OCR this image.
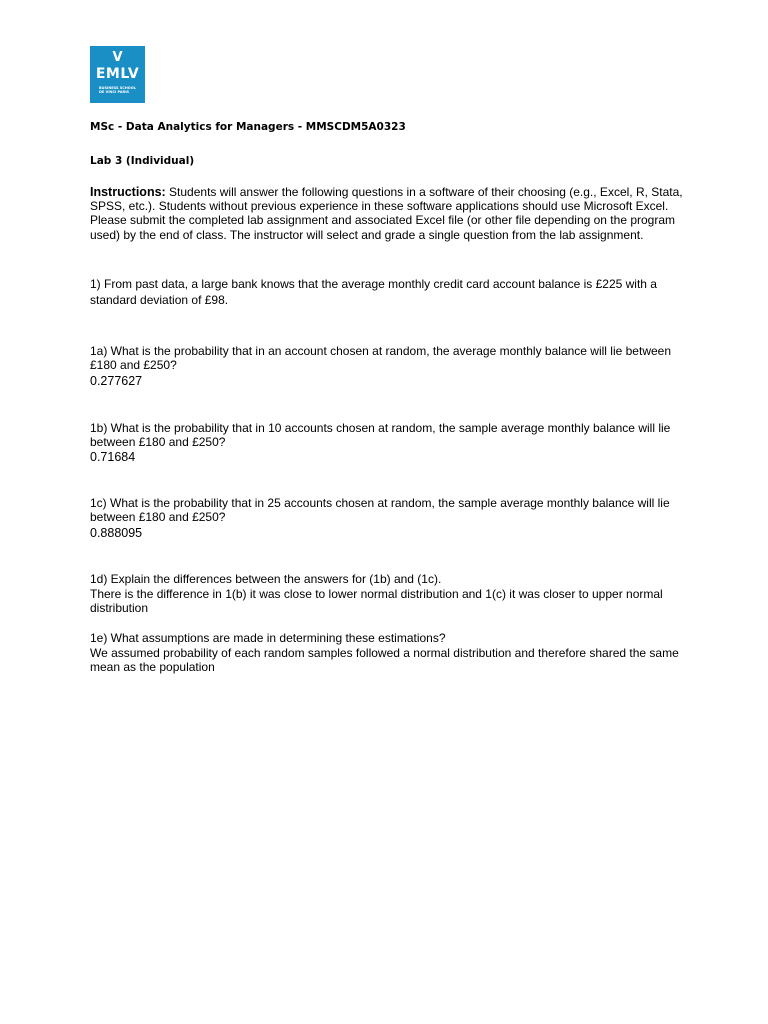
V
EMLV
BUSINESS SCHOOL
DE VINCI PARIS
MSc - Data Analytics for Managers - MMSCDM5A0323
Lab 3 (Individual)
Instructions: Students will answer the following questions in a software of their choosing (e.g., Excel, R, Stata, SPSS, etc.). Students without previous experience in these software applications should use Microsoft Excel. Please submit the completed lab assignment and associated Excel file (or other file depending on the program used) by the end of class. The instructor will select and grade a single question from the lab assignment.
1) From past data, a large bank knows that the average monthly credit card account balance is £225 with a standard deviation of £98.
1a) What is the probability that in an account chosen at random, the average monthly balance will lie between £180 and £250?
0.277627
1b) What is the probability that in 10 accounts chosen at random, the sample average monthly balance will lie between £180 and £250?
0.71684
1c) What is the probability that in 25 accounts chosen at random, the sample average monthly balance will lie between £180 and £250?
0.888095
1d) Explain the differences between the answers for (1b) and (1c).
There is the difference in 1(b) it was close to lower normal distribution and 1(c) it was closer to upper normal distribution
1e) What assumptions are made in determining these estimations?
We assumed probability of each random samples followed a normal distribution and therefore shared the same mean as the population
